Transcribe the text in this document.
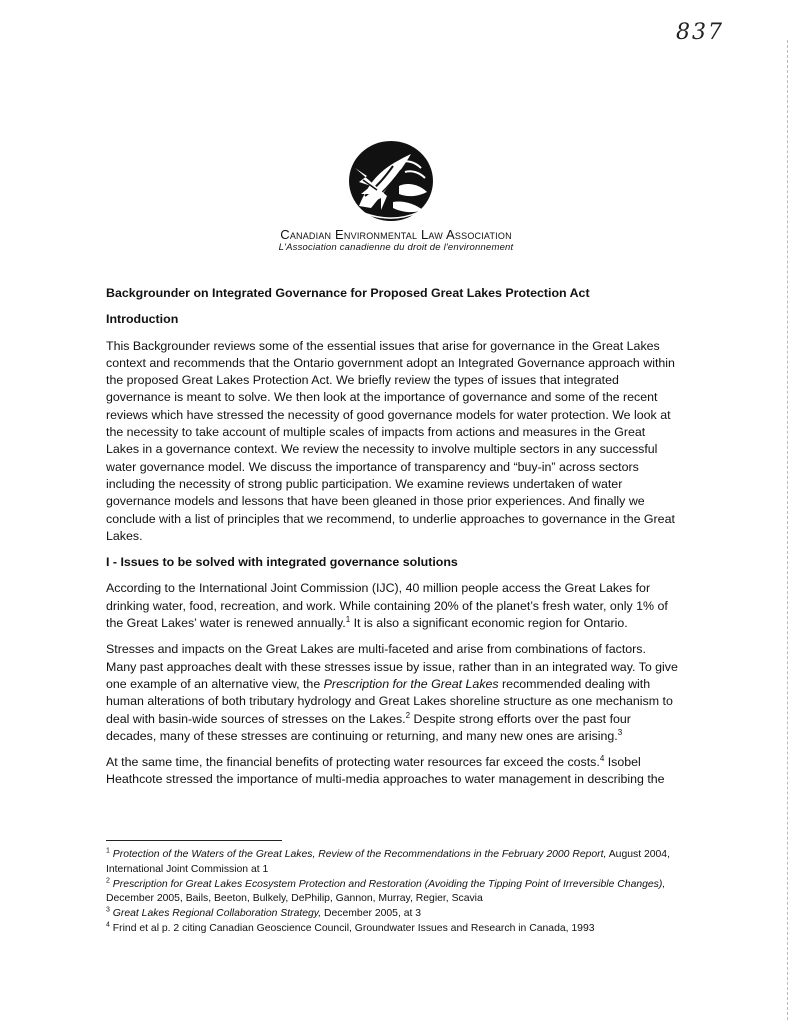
837
Canadian Environmental Law Association
L'Association canadienne du droit de l'environnement

Backgrounder on Integrated Governance for Proposed Great Lakes Protection Act

Introduction

This Backgrounder reviews some of the essential issues that arise for governance in the Great Lakes context and recommends that the Ontario government adopt an Integrated Governance approach within the proposed Great Lakes Protection Act. We briefly review the types of issues that integrated governance is meant to solve. We then look at the importance of governance and some of the recent reviews which have stressed the necessity of good governance models for water protection. We look at the necessity to take account of multiple scales of impacts from actions and measures in the Great Lakes in a governance context. We review the necessity to involve multiple sectors in any successful water governance model. We discuss the importance of transparency and “buy-in” across sectors including the necessity of strong public participation. We examine reviews undertaken of water governance models and lessons that have been gleaned in those prior experiences. And finally we conclude with a list of principles that we recommend, to underlie approaches to governance in the Great Lakes.

I - Issues to be solved with integrated governance solutions

According to the International Joint Commission (IJC), 40 million people access the Great Lakes for drinking water, food, recreation, and work. While containing 20% of the planet’s fresh water, only 1% of the Great Lakes’ water is renewed annually.$^1$ It is also a significant economic region for Ontario.

Stresses and impacts on the Great Lakes are multi-faceted and arise from combinations of factors. Many past approaches dealt with these stresses issue by issue, rather than in an integrated way. To give one example of an alternative view, the Prescription for the Great Lakes recommended dealing with human alterations of both tributary hydrology and Great Lakes shoreline structure as one mechanism to deal with basin-wide sources of stresses on the Lakes.$^2$ Despite strong efforts over the past four decades, many of these stresses are continuing or returning, and many new ones are arising.$^3$

At the same time, the financial benefits of protecting water resources far exceed the costs.$^4$ Isobel Heathcote stressed the importance of multi-media approaches to water management in describing the

$^1$ Protection of the Waters of the Great Lakes, Review of the Recommendations in the February 2000 Report, August 2004, International Joint Commission at 1
$^2$ Prescription for Great Lakes Ecosystem Protection and Restoration (Avoiding the Tipping Point of Irreversible Changes), December 2005, Bails, Beeton, Bulkely, DePhilip, Gannon, Murray, Regier, Scavia
$^3$ Great Lakes Regional Collaboration Strategy, December 2005, at 3
$^4$ Frind et al p. 2 citing Canadian Geoscience Council, Groundwater Issues and Research in Canada, 1993
